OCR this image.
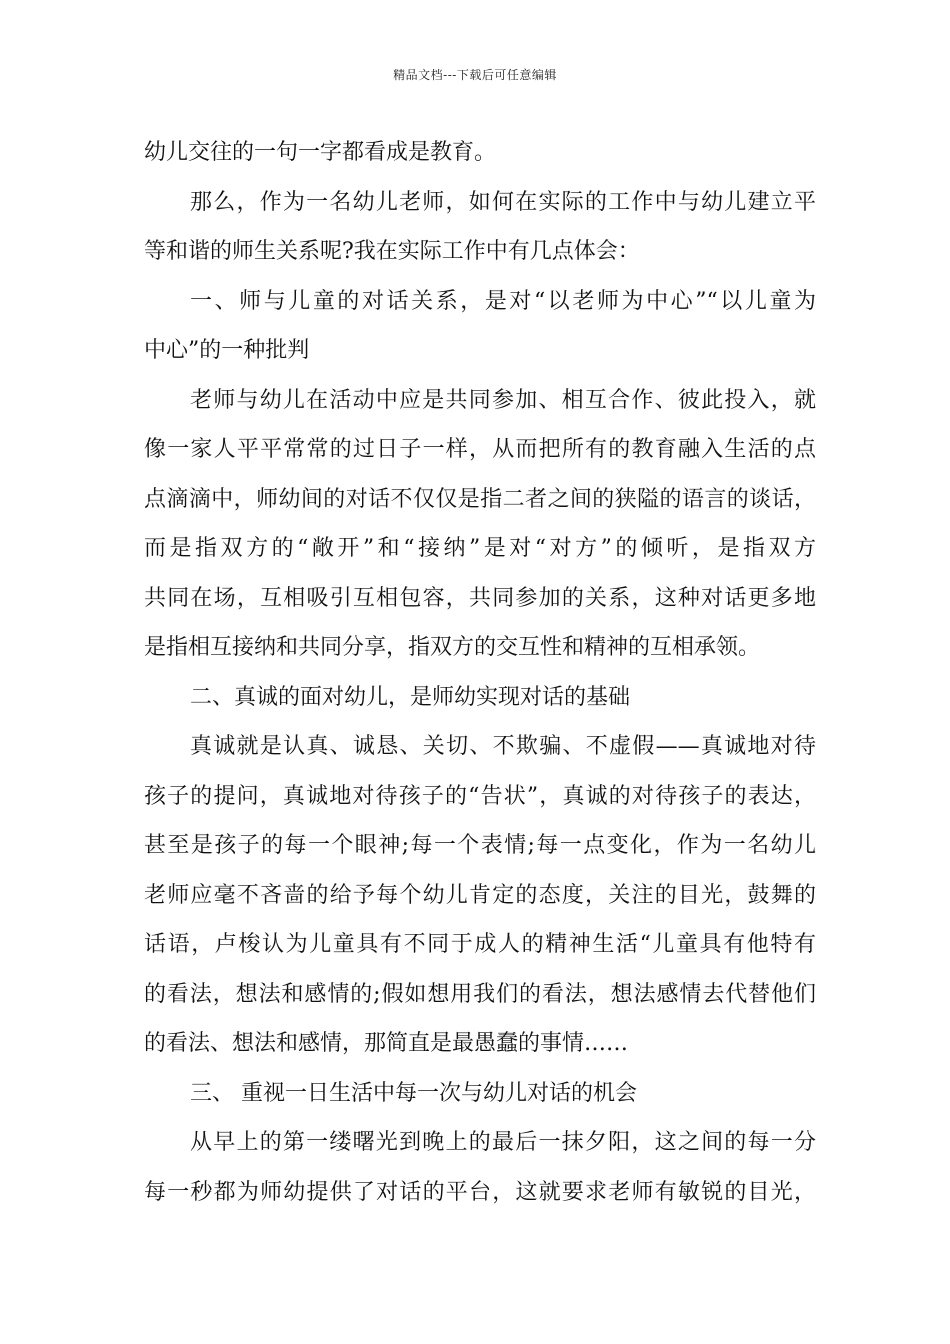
精品文档---下载后可任意编辑
幼儿交往的一句一字都看成是教育。
那么，作为一名幼儿老师，如何在实际的工作中与幼儿建立平
等和谐的师生关系呢?我在实际工作中有几点体会：
一、师与儿童的对话关系，是对“以老师为中心”“以儿童为
中心”的一种批判
老师与幼儿在活动中应是共同参加、相互合作、彼此投入，就
像一家人平平常常的过日子一样，从而把所有的教育融入生活的点
点滴滴中，师幼间的对话不仅仅是指二者之间的狭隘的语言的谈话，
而是指双方的“敞开”和“接纳”是对“对方”的倾听，是指双方
共同在场，互相吸引互相包容，共同参加的关系，这种对话更多地
是指相互接纳和共同分享，指双方的交互性和精神的互相承领。
二、真诚的面对幼儿，是师幼实现对话的基础
真诚就是认真、诚恳、关切、不欺骗、不虚假——真诚地对待
孩子的提问，真诚地对待孩子的“告状”，真诚的对待孩子的表达，
甚至是孩子的每一个眼神;每一个表情;每一点变化，作为一名幼儿
老师应毫不吝啬的给予每个幼儿肯定的态度，关注的目光，鼓舞的
话语，卢梭认为儿童具有不同于成人的精神生活“儿童具有他特有
的看法，想法和感情的;假如想用我们的看法，想法感情去代替他们
的看法、想法和感情，那简直是最愚蠢的事情……
三、 重视一日生活中每一次与幼儿对话的机会
从早上的第一缕曙光到晚上的最后一抹夕阳，这之间的每一分
每一秒都为师幼提供了对话的平台，这就要求老师有敏锐的目光，
